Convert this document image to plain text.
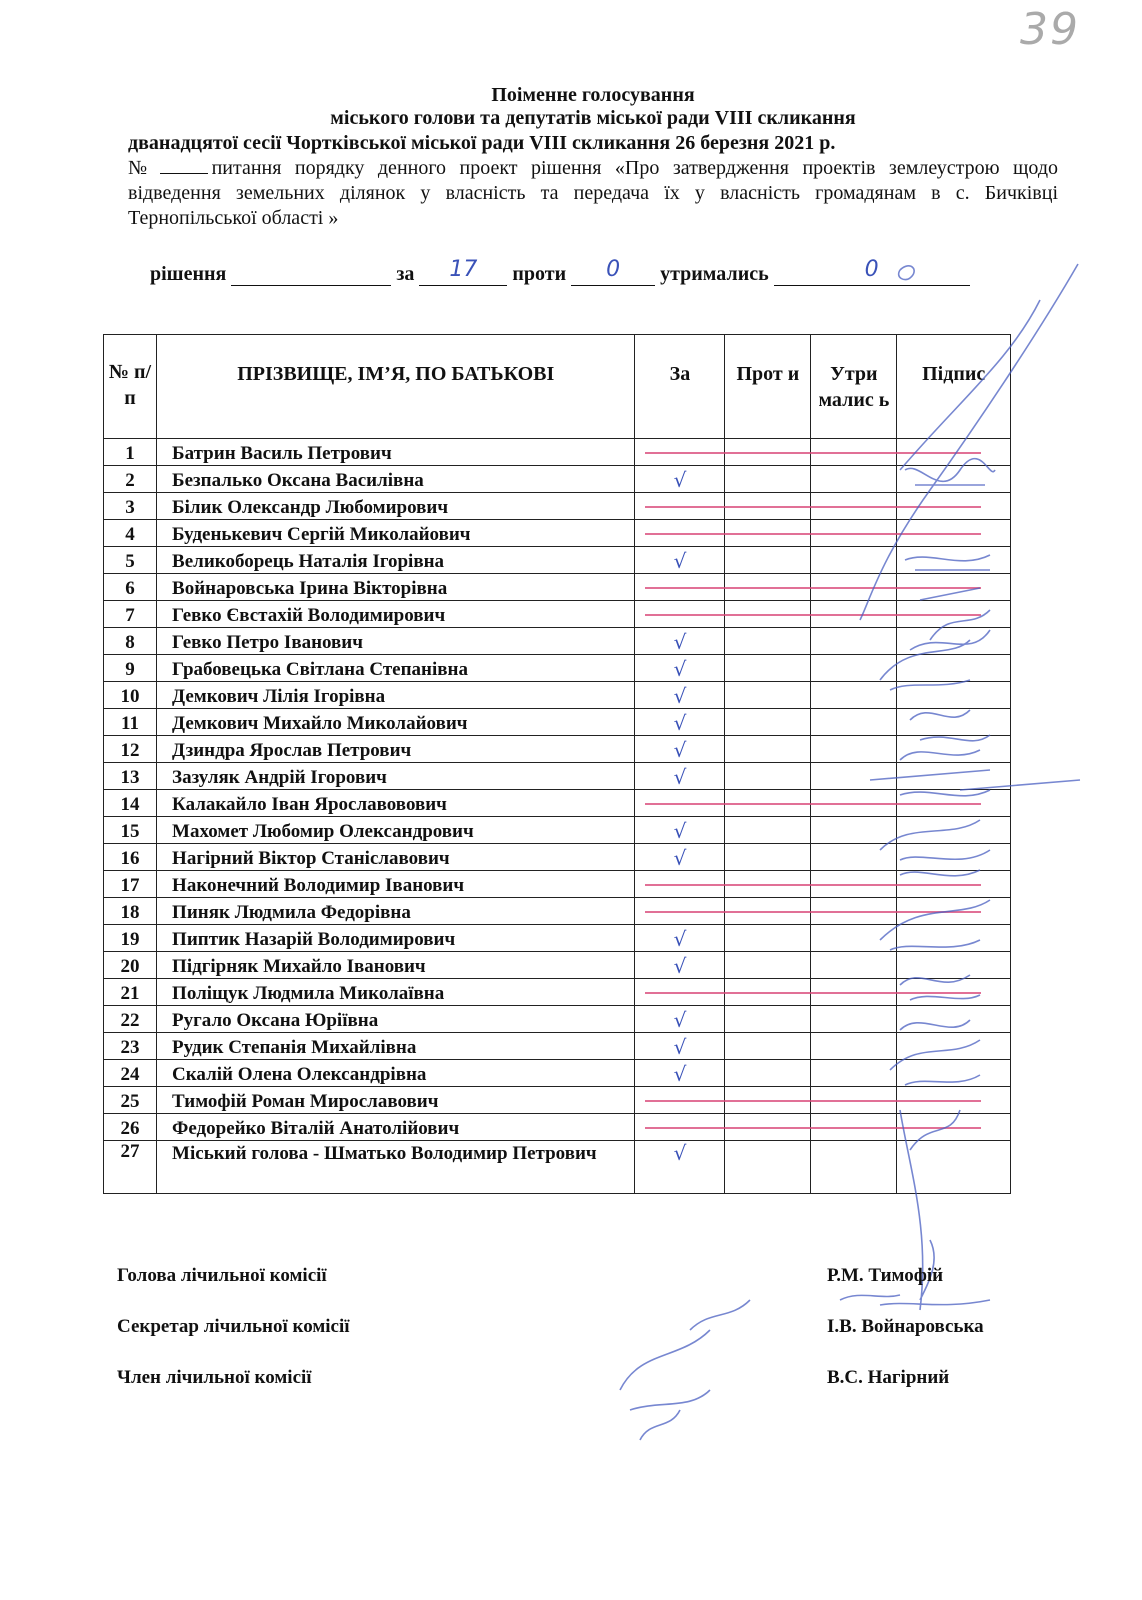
39
Поіменне голосування
міського голови та депутатів міської ради VIII скликання
дванадцятої сесії Чортківської міської ради VIII скликання 26 березня 2021 р.
№	питання порядку денного проект рішення «Про затвердження проектів землеустрою щодо відведення земельних ділянок у власність та передача їх у власність громадянам в с. Бичківці Тернопільської області »
рішення	за	17	проти	0	утримались	0
№ п/п	ПРІЗВИЩЕ, ІМ’Я, ПО БАТЬКОВІ	За	Прот и	Утри малис ь	Підпис
1	Батрин Василь Петрович				
2	Безпалько Оксана Василівна	√			
3	Білик Олександр Любомирович				
4	Буденькевич Сергій Миколайович				
5	Великоборець Наталія Ігорівна	√			
6	Войнаровська Ірина Вікторівна				
7	Гевко Євстахій Володимирович				
8	Гевко Петро Іванович	√			
9	Грабовецька Світлана Степанівна	√			
10	Демкович Лілія Ігорівна	√			
11	Демкович Михайло Миколайович	√			
12	Дзиндра Ярослав Петрович	√			
13	Зазуляк Андрій Ігорович	√			
14	Калакайло Іван Ярославовович				
15	Махомет Любомир Олександрович	√			
16	Нагірний Віктор Станіславович	√			
17	Наконечний Володимир Іванович				
18	Пиняк Людмила Федорівна				
19	Пиптик Назарій Володимирович	√			
20	Підгірняк Михайло Іванович	√			
21	Поліщук Людмила Миколаївна				
22	Ругало Оксана Юріївна	√			
23	Рудик Степанія Михайлівна	√			
24	Скалій Олена Олександрівна	√			
25	Тимофій Роман Мирославович				
26	Федорейко Віталій Анатолійович				
27	Міський голова - Шматько Володимир Петрович	√			
Голова лічильної комісії	Р.М. Тимофій
Секретар лічильної комісії	І.В. Войнаровська
Член лічильної комісії	В.С. Нагірний
